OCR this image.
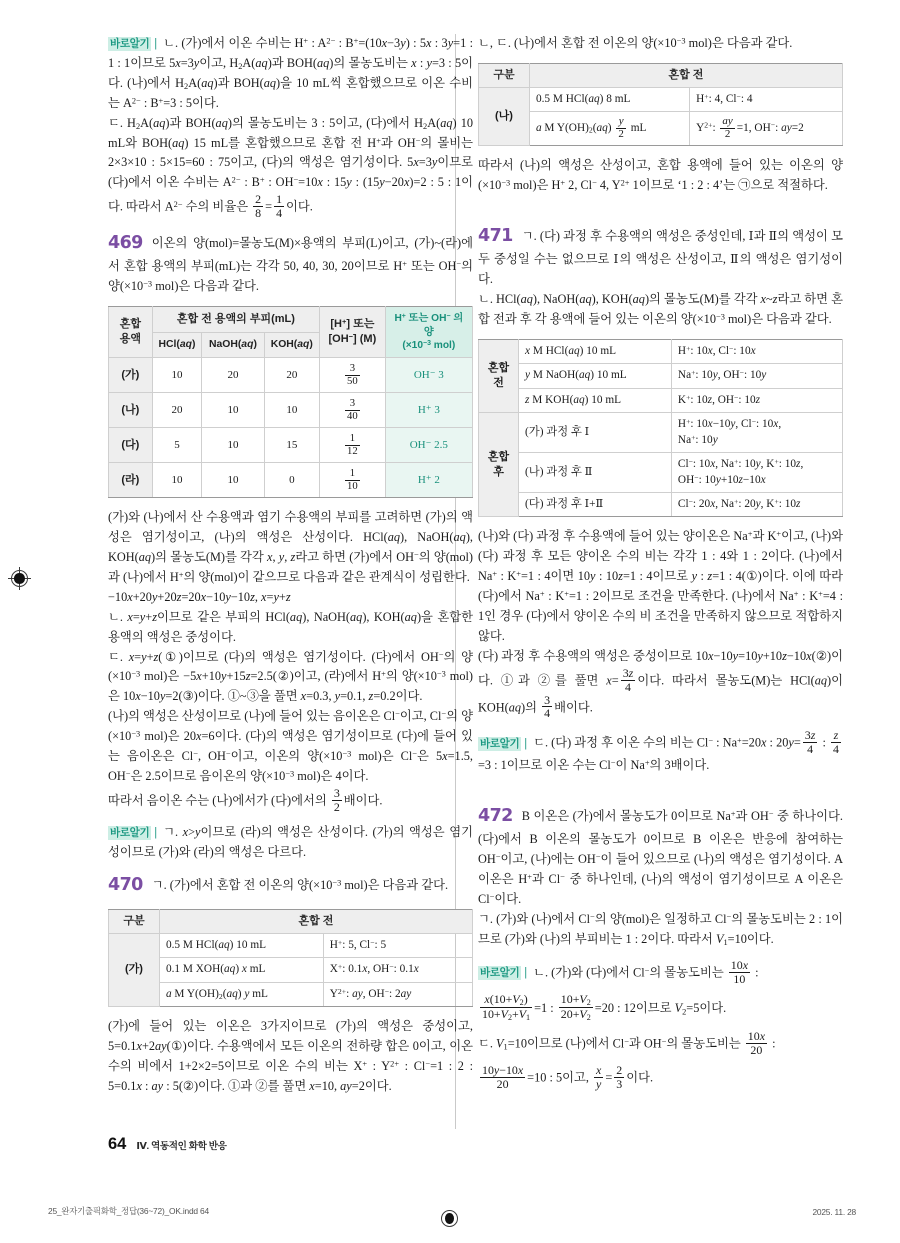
바로알기 | ㄴ. (가)에서 이온 수비는 H+ : $A^{2-}$ : B+=(10x−3y) : 5x : 3y=1 : 1 : 1이므로 5x=3y이고, $H_2A(aq)$과 BOH(aq)의 몰농도비는 x : y=3 : 5이다. (나)에서 $H_2A(aq)$과 BOH(aq)을 10 mL씩 혼합했으므로 이온 수비는 $A^{2-}$ : B+=3 : 5이다.

ㄷ. $H_2A(aq)$과 BOH(aq)의 몰농도비는 3 : 5이고, (다)에서 $H_2A(aq)$ 10 mL와 BOH(aq) 15 mL를 혼합했으므로 혼합 전 H+과 OH−의 몰비는 2×3×10 : 5×15=60 : 75이고, (다)의 액성은 염기성이다. 5x=3y이므로 (다)에서 이온 수비는 $A^{2-}$ : B+ : OH−=10x : 15y : (15y−20x)=2 : 5 : 1이다. 따라서 $A^{2-}$ 수의 비율은 $\frac{2}{8} = \frac{1}{4}$ 이다.

469 이온의 양(mol)=몰농도(M)×용액의 부피(L)이고, (가)~(라)에서 혼합 용액의 부피(mL)는 각각 50, 40, 30, 20이므로 H+ 또는 OH−의 양($\times 10^{-3}$ mol)은 다음과 같다.

혼합
용액	혼합 전 용액의 부피(mL)			[H+] 또는
[OH−] (M)	H+ 또는 OH− 의 양
($\times 10^{-3}$ mol)
	HCl(aq)	NaOH(aq)	KOH(aq)		
(가)	10	20	20	$\frac{3}{50}$	OH⁻ 3
(나)	20	10	10	$\frac{3}{40}$	H⁺ 3
(다)	5	10	15	$\frac{1}{12}$	OH⁻ 2.5
(라)	10	10	0	$\frac{1}{10}$	H⁺ 2

(가)와 (나)에서 산 수용액과 염기 수용액의 부피를 고려하면 (가)의 액성은 염기성이고, (나)의 액성은 산성이다. HCl(aq), NaOH(aq), KOH(aq)의 몰농도(M)를 각각 x, y, z라고 하면 (가)에서 OH−의 양(mol)과 (나)에서 H+의 양(mol)이 같으므로 다음과 같은 관계식이 성립한다.

−10x+20y+20z=20x−10y−10z, x=y+z

ㄴ. x=y+z이므로 같은 부피의 HCl(aq), NaOH(aq), KOH(aq)을 혼합한 용액의 액성은 중성이다.

ㄷ. x=y+z(①)이므로 (다)의 액성은 염기성이다. (다)에서 OH−의 양($\times 10^{-3}$ mol)은 −5x+10y+15z=2.5(②)이고, (라)에서 H+의 양($\times 10^{-3}$ mol)은 10x−10y=2(③)이다. ①~③을 풀면 x=0.3, y=0.1, z=0.2이다.

(나)의 액성은 산성이므로 (나)에 들어 있는 음이온은 Cl−이고, Cl−의 양($\times 10^{-3}$ mol)은 20x=6이다. (다)의 액성은 염기성이므로 (다)에 들어 있는 음이온은 Cl−, OH−이고, 이온의 양($\times 10^{-3}$ mol)은 Cl−은 5x=1.5, OH−은 2.5이므로 음이온의 양($\times 10^{-3}$ mol)은 4이다.

따라서 음이온 수는 (나)에서가 (다)에서의 $\frac{3}{2}$ 배이다.

바로알기 | ㄱ. x>y이므로 (라)의 액성은 산성이다. (가)의 액성은 염기성이므로 (가)와 (라)의 액성은 다르다.

470 ㄱ. (가)에서 혼합 전 이온의 양($\times 10^{-3}$ mol)은 다음과 같다.

구분	혼합 전	
(가)	0.5 M HCl(aq) 10 mL	H+: 5, Cl−: 5
	0.1 M XOH(aq) x mL	X+: 0.1x, OH−: 0.1x
	a M $Y(OH)_2(aq)$ y mL	$Y^{2+}$: ay, OH−: 2ay

(가)에 들어 있는 이온은 3가지이므로 (가)의 액성은 중성이고, 5=0.1x+2ay(①)이다. 수용액에서 모든 이온의 전하량 합은 0이고, 이온 수의 비에서 1+2×2=5이므로 이온 수의 비는 X+ : $Y^{2+}$ : Cl−=1 : 2 : 5=0.1x : ay : 5(②)이다. ①과 ②를 풀면 x=10, ay=2이다.

ㄴ, ㄷ. (나)에서 혼합 전 이온의 양($\times 10^{-3}$ mol)은 다음과 같다.

구분	혼합 전	
(나)	0.5 M HCl(aq) 8 mL	H+: 4, Cl−: 4
	a M $Y(OH)_2(aq) \frac{y}{2}$ mL	$Y^{2+}$: $\frac{ay}{2} =1$, OH−: ay=2

따라서 (나)의 액성은 산성이고, 혼합 용액에 들어 있는 이온의 양($\times 10^{-3}$ mol)은 H+ 2, Cl− 4, $Y^{2+}$ 1이므로 ‘1 : 2 : 4’는 ㉠으로 적절하다.

471 ㄱ. (다) 과정 후 수용액의 액성은 중성인데, Ⅰ과 Ⅱ의 액성이 모두 중성일 수는 없으므로 Ⅰ의 액성은 산성이고, Ⅱ의 액성은 염기성이다.

ㄴ. HCl(aq), NaOH(aq), KOH(aq)의 몰농도(M)를 각각 x~z라고 하면 혼합 전과 후 각 용액에 들어 있는 이온의 양($\times 10^{-3}$ mol)은 다음과 같다.

혼합
전	x M HCl(aq) 10 mL	H+: 10x, Cl−: 10x
	y M NaOH(aq) 10 mL	Na+: 10y, OH−: 10y
	z M KOH(aq) 10 mL	K+: 10z, OH−: 10z
혼합
후	(가) 과정 후 Ⅰ	H+: 10x−10y, Cl−: 10x,
Na+: 10y
	(나) 과정 후 Ⅱ	Cl−: 10x, Na+: 10y, K+: 10z,
OH−: 10y+10z−10x
	(다) 과정 후 Ⅰ+Ⅱ	Cl−: 20x, Na+: 20y, K+: 10z

(나)와 (다) 과정 후 수용액에 들어 있는 양이온은 Na+과 K+이고, (나)와 (다) 과정 후 모든 양이온 수의 비는 각각 1 : 4와 1 : 2이다. (나)에서 Na+ : K+=1 : 4이면 10y : 10z=1 : 4이므로 y : z=1 : 4(①)이다. 이에 따라 (다)에서 Na+ : K+=1 : 2이므로 조건을 만족한다. (나)에서 Na+ : K+=4 : 1인 경우 (다)에서 양이온 수의 비 조건을 만족하지 않으므로 적합하지 않다.

(다) 과정 후 수용액의 액성은 중성이므로 10x−10y=10y+10z−10x(②)이다. ①과 ②를 풀면 $x= \frac{3z}{4}$ 이다. 따라서 몰농도(M)는 HCl(aq)이 KOH(aq)의 $\frac{3}{4}$ 배이다.

바로알기 | ㄷ. (다) 과정 후 이온 수의 비는 Cl− : Na+=20x : $20y= \frac{3z}{4}$ : $\frac{z}{4}$
=3 : 1이므로 이온 수는 Cl−이 Na+의 3배이다.

472 B 이온은 (가)에서 몰농도가 0이므로 Na+과 OH− 중 하나이다. (다)에서 B 이온의 몰농도가 0이므로 B 이온은 반응에 참여하는 OH−이고, (나)에는 OH−이 들어 있으므로 (나)의 액성은 염기성이다. A 이온은 H+과 Cl− 중 하나인데, (나)의 액성이 염기성이므로 A 이온은 Cl−이다.

ㄱ. (가)와 (나)에서 Cl−의 양(mol)은 일정하고 Cl−의 몰농도비는 2 : 1이므로 (가)와 (나)의 부피비는 1 : 2이다. 따라서 $V_1=10$이다.

바로알기 | ㄴ. (가)와 (다)에서 Cl−의 몰농도비는 $\frac{10x}{10}$ :

$\frac{x(10+V_2)}{10+V_2+V_1} =1$ : $\frac{10+V_2}{20+V_2} =20$ : 12이므로 $V_2=5$이다.

ㄷ. $V_1=10$이므로 (나)에서 Cl−과 OH−의 몰농도비는 $\frac{10x}{20}$ :

$\frac{10y-10x}{20} =10$ : 5이고, $\frac{x}{y} = \frac{2}{3}$ 이다.

64 Ⅳ. 역동적인 화학 반응
25_완자기출픽화학_정답(36~72)_OK.indd 64	2025. 11. 28
